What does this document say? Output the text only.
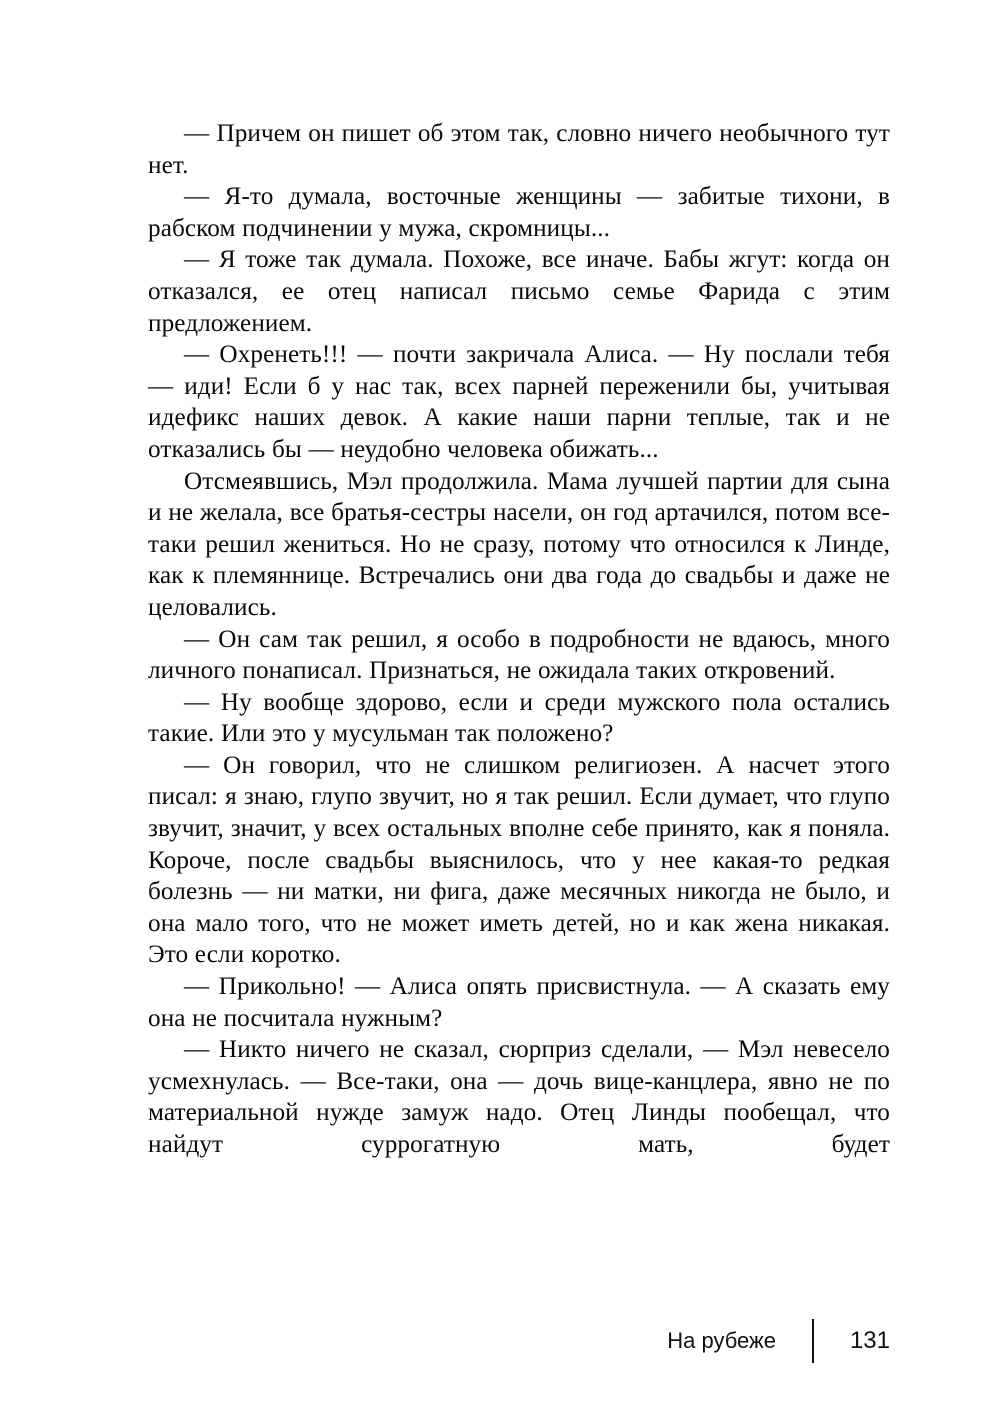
— Причем он пишет об этом так, словно ничего необычного тут нет.

— Я-то думала, восточные женщины — забитые тихони, в рабском подчинении у мужа, скромницы...

— Я тоже так думала. Похоже, все иначе. Бабы жгут: когда он отказался, ее отец написал письмо семье Фарида с этим предложением.

— Охренеть!!! — почти закричала Алиса. — Ну послали тебя — иди! Если б у нас так, всех парней переженили бы, учитывая идефикс наших девок. А какие наши парни теплые, так и не отказались бы — неудобно человека обижать...

Отсмеявшись, Мэл продолжила. Мама лучшей партии для сына и не желала, все братья-сестры насели, он год артачился, потом все-таки решил жениться. Но не сразу, потому что относился к Линде, как к племяннице. Встречались они два года до свадьбы и даже не целовались.

— Он сам так решил, я особо в подробности не вдаюсь, много личного понаписал. Признаться, не ожидала таких откровений.

— Ну вообще здорово, если и среди мужского пола остались такие. Или это у мусульман так положено?

— Он говорил, что не слишком религиозен. А насчет этого писал: я знаю, глупо звучит, но я так решил. Если думает, что глупо звучит, значит, у всех остальных вполне себе принято, как я поняла. Короче, после свадьбы выяснилось, что у нее какая-то редкая болезнь — ни матки, ни фига, даже месячных никогда не было, и она мало того, что не может иметь детей, но и как жена никакая. Это если коротко.

— Прикольно! — Алиса опять присвистнула. — А сказать ему она не посчитала нужным?

— Никто ничего не сказал, сюрприз сделали, — Мэл невесело усмехнулась. — Все-таки, она — дочь вице-канцлера, явно не по материальной нужде замуж надо. Отец Линды пообещал, что найдут суррогатную мать, будет

На рубеже	131
